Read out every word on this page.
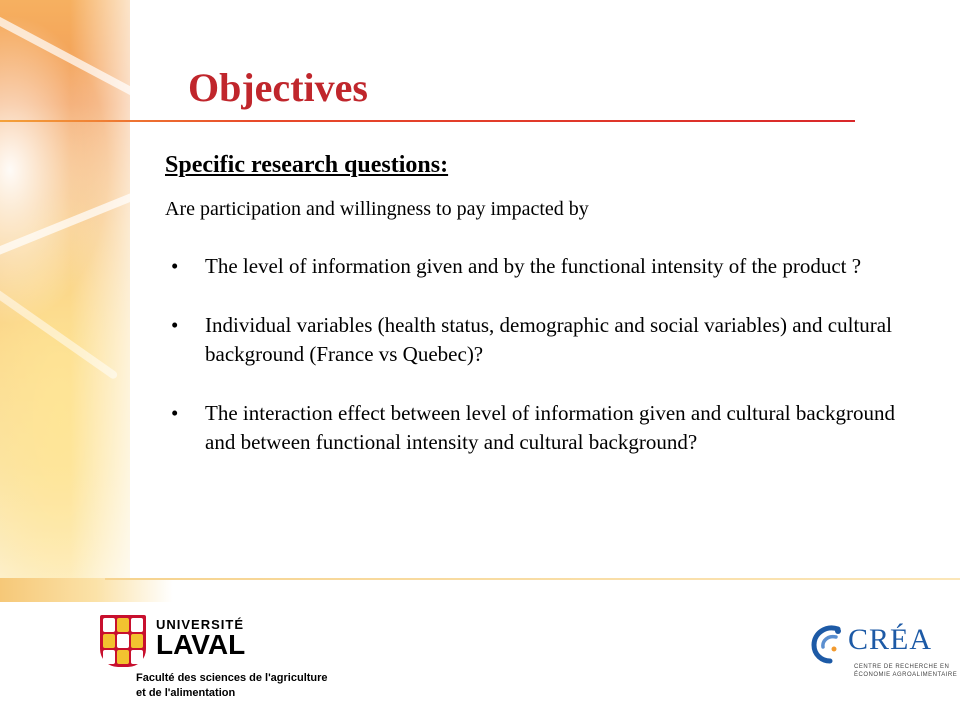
Objectives
Specific research questions:
Are participation and willingness to pay impacted by
• The level of information given and by the functional intensity of the product ?
• Individual variables (health status, demographic and social variables) and cultural background (France vs Quebec)?
• The interaction effect between level of information given and cultural background and between functional intensity and cultural background?
UNIVERSITÉ
LAVAL
Faculté des sciences de l'agriculture
et de l'alimentation
CRÉA
CENTRE DE RECHERCHE EN
ÉCONOMIE AGROALIMENTAIRE
